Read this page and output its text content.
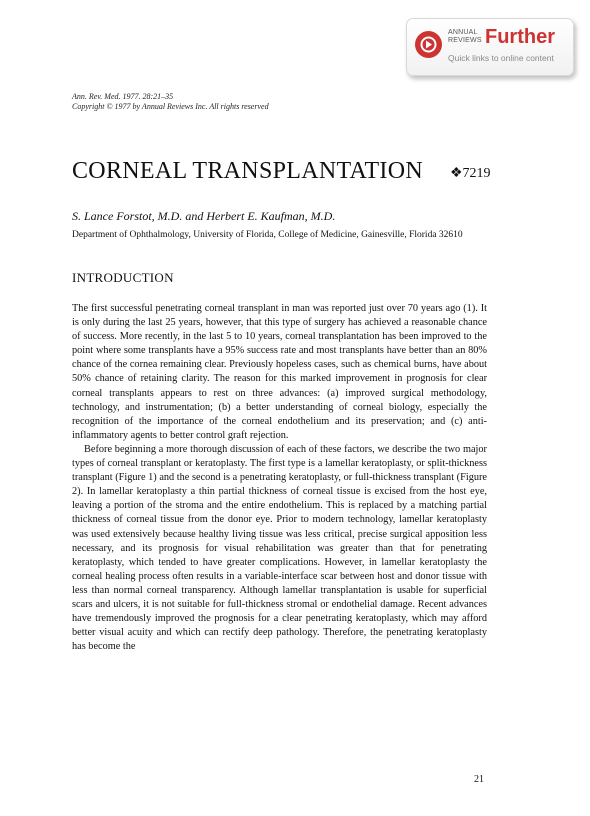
ANNUAL
REVIEWS Further
Quick links to online content
Ann. Rev. Med. 1977. 28:21–35
Copyright © 1977 by Annual Reviews Inc. All rights reserved
CORNEAL TRANSPLANTATION ❖7219
S. Lance Forstot, M.D. and Herbert E. Kaufman, M.D.
Department of Ophthalmology, University of Florida, College of Medicine, Gainesville, Florida 32610
INTRODUCTION

The first successful penetrating corneal transplant in man was reported just over 70 years ago (1). It is only during the last 25 years, however, that this type of surgery has achieved a reasonable chance of success. More recently, in the last 5 to 10 years, corneal transplantation has been improved to the point where some transplants have a 95% success rate and most transplants have better than an 80% chance of the cornea remaining clear. Previously hopeless cases, such as chemical burns, have about 50% chance of retaining clarity. The reason for this marked improvement in prognosis for clear corneal transplants appears to rest on three advances: (a) improved surgical methodology, technology, and instrumentation; (b) a better understanding of corneal biology, especially the recognition of the importance of the corneal endothelium and its preservation; and (c) anti-inflammatory agents to better control graft rejection.

Before beginning a more thorough discussion of each of these factors, we describe the two major types of corneal transplant or keratoplasty. The first type is a lamellar keratoplasty, or split-thickness transplant (Figure 1) and the second is a penetrating keratoplasty, or full-thickness transplant (Figure 2). In lamellar keratoplasty a thin partial thickness of corneal tissue is excised from the host eye, leaving a portion of the stroma and the entire endothelium. This is replaced by a matching partial thickness of corneal tissue from the donor eye. Prior to modern technology, lamellar keratoplasty was used extensively because healthy living tissue was less critical, precise surgical apposition less necessary, and its prognosis for visual rehabilitation was greater than that for penetrating keratoplasty, which tended to have greater complications. However, in lamellar keratoplasty the corneal healing process often results in a variable-interface scar between host and donor tissue with less than normal corneal transparency. Although lamellar transplantation is usable for superficial scars and ulcers, it is not suitable for full-thickness stromal or endothelial damage. Recent advances have tremendously improved the prognosis for a clear penetrating keratoplasty, which may afford better visual acuity and which can rectify deep pathology. Therefore, the penetrating keratoplasty has become the

21
